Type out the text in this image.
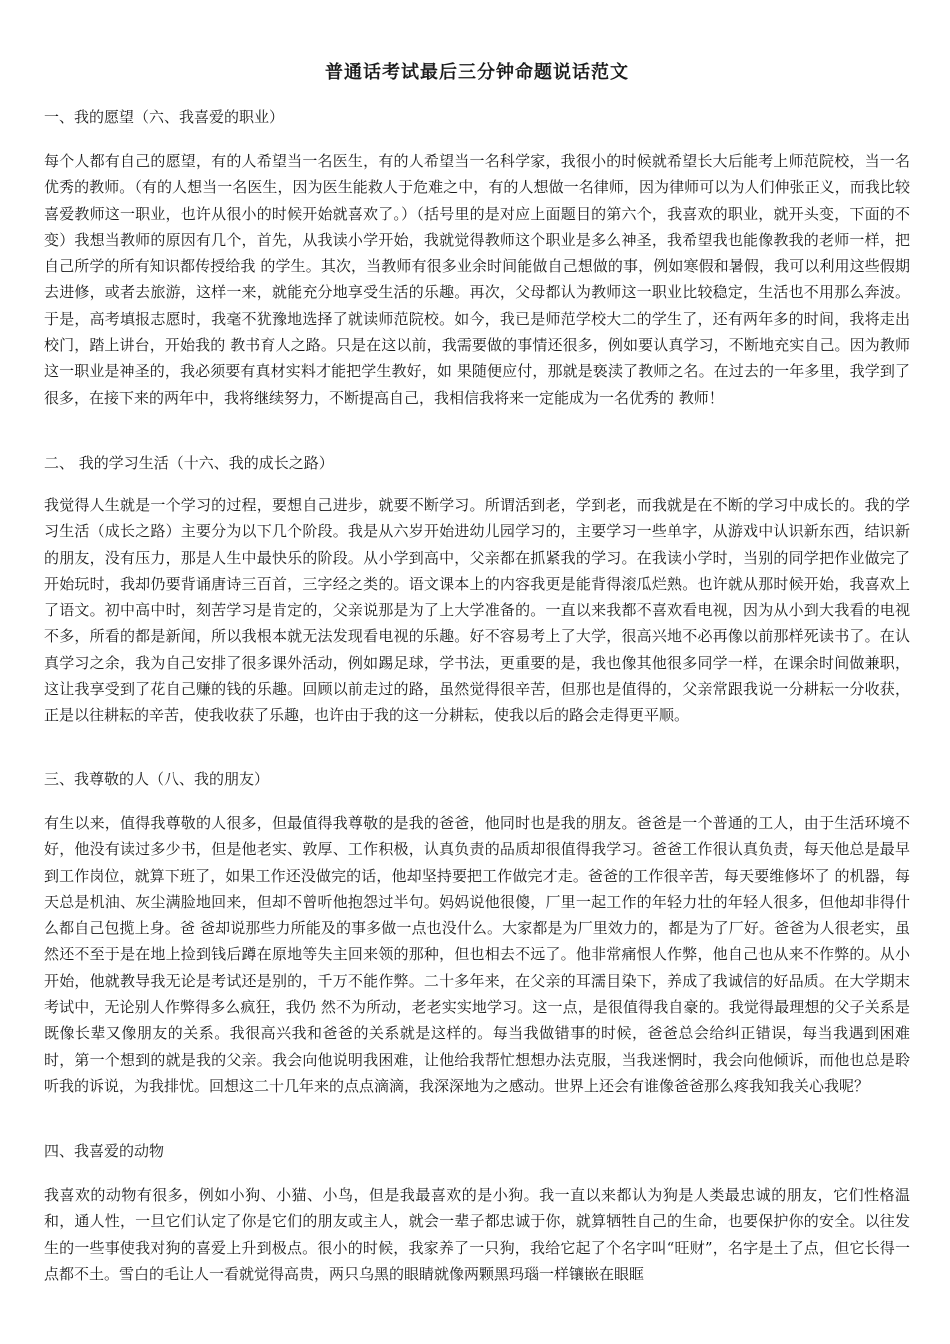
普通话考试最后三分钟命题说话范文
一、我的愿望（六、我喜爱的职业）

每个人都有自己的愿望，有的人希望当一名医生，有的人希望当一名科学家，我很小的时候就希望长大后能考上师范院校，当一名优秀的教师。（有的人想当一名医生，因为医生能救人于危难之中，有的人想做一名律师，因为律师可以为人们伸张正义，而我比较喜爱教师这一职业，也许从很小的时候开始就喜欢了。）（括号里的是对应上面题目的第六个，我喜欢的职业，就开头变，下面的不变）我想当教师的原因有几个，首先，从我读小学开始，我就觉得教师这个职业是多么神圣，我希望我也能像教我的老师一样，把自己所学的所有知识都传授给我 的学生。其次，当教师有很多业余时间能做自己想做的事，例如寒假和暑假，我可以利用这些假期去进修，或者去旅游，这样一来，就能充分地享受生活的乐趣。再次，父母都认为教师这一职业比较稳定，生活也不用那么奔波。于是，高考填报志愿时，我毫不犹豫地选择了就读师范院校。如今，我已是师范学校大二的学生了，还有两年多的时间，我将走出校门，踏上讲台，开始我的 教书育人之路。只是在这以前，我需要做的事情还很多，例如要认真学习，不断地充实自己。因为教师这一职业是神圣的，我必须要有真材实料才能把学生教好，如 果随便应付，那就是亵渎了教师之名。在过去的一年多里，我学到了很多，在接下来的两年中，我将继续努力，不断提高自己，我相信我将来一定能成为一名优秀的 教师！

二、 我的学习生活（十六、我的成长之路）

我觉得人生就是一个学习的过程，要想自己进步，就要不断学习。所谓活到老，学到老，而我就是在不断的学习中成长的。我的学习生活（成长之路）主要分为以下几个阶段。我是从六岁开始进幼儿园学习的，主要学习一些单字，从游戏中认识新东西，结识新的朋友，没有压力，那是人生中最快乐的阶段。从小学到高中，父亲都在抓紧我的学习。在我读小学时，当别的同学把作业做完了开始玩时，我却仍要背诵唐诗三百首，三字经之类的。语文课本上的内容我更是能背得滚瓜烂熟。也许就从那时候开始，我喜欢上了语文。初中高中时，刻苦学习是肯定的，父亲说那是为了上大学准备的。一直以来我都不喜欢看电视，因为从小到大我看的电视不多，所看的都是新闻，所以我根本就无法发现看电视的乐趣。好不容易考上了大学，很高兴地不必再像以前那样死读书了。在认真学习之余，我为自己安排了很多课外活动，例如踢足球，学书法，更重要的是，我也像其他很多同学一样，在课余时间做兼职，这让我享受到了花自己赚的钱的乐趣。回顾以前走过的路，虽然觉得很辛苦，但那也是值得的，父亲常跟我说一分耕耘一分收获，正是以往耕耘的辛苦，使我收获了乐趣，也许由于我的这一分耕耘，使我以后的路会走得更平顺。

三、我尊敬的人（八、我的朋友）

有生以来，值得我尊敬的人很多，但最值得我尊敬的是我的爸爸，他同时也是我的朋友。爸爸是一个普通的工人，由于生活环境不好，他没有读过多少书，但是他老实、敦厚、工作积极，认真负责的品质却很值得我学习。爸爸工作很认真负责，每天他总是最早到工作岗位，就算下班了，如果工作还没做完的话，他却坚持要把工作做完才走。爸爸的工作很辛苦，每天要维修坏了 的机器，每天总是机油、灰尘满脸地回来，但却不曾听他抱怨过半句。妈妈说他很傻，厂里一起工作的年轻力壮的年轻人很多，但他却非得什么都自己包揽上身。爸 爸却说那些力所能及的事多做一点也没什么。大家都是为厂里效力的，都是为了厂好。爸爸为人很老实，虽然还不至于是在地上捡到钱后蹲在原地等失主回来领的那种，但也相去不远了。他非常痛恨人作弊，他自己也从来不作弊的。从小开始，他就教导我无论是考试还是别的，千万不能作弊。二十多年来，在父亲的耳濡目染下，养成了我诚信的好品质。在大学期末考试中，无论别人作弊得多么疯狂，我仍 然不为所动，老老实实地学习。这一点，是很值得我自豪的。我觉得最理想的父子关系是既像长辈又像朋友的关系。我很高兴我和爸爸的关系就是这样的。每当我做错事的时候，爸爸总会给纠正错误，每当我遇到困难 时，第一个想到的就是我的父亲。我会向他说明我困难，让他给我帮忙想想办法克服，当我迷惘时，我会向他倾诉，而他也总是聆听我的诉说，为我排忧。回想这二十几年来的点点滴滴，我深深地为之感动。世界上还会有谁像爸爸那么疼我知我关心我呢？

四、我喜爱的动物

我喜欢的动物有很多，例如小狗、小猫、小鸟，但是我最喜欢的是小狗。我一直以来都认为狗是人类最忠诚的朋友，它们性格温和，通人性，一旦它们认定了你是它们的朋友或主人，就会一辈子都忠诚于你，就算牺牲自己的生命，也要保护你的安全。以往发生的一些事使我对狗的喜爱上升到极点。很小的时候，我家养了一只狗，我给它起了个名字叫“旺财”，名字是土了点，但它长得一点都不土。雪白的毛让人一看就觉得高贵，两只乌黑的眼睛就像两颗黑玛瑙一样镶嵌在眼眶
